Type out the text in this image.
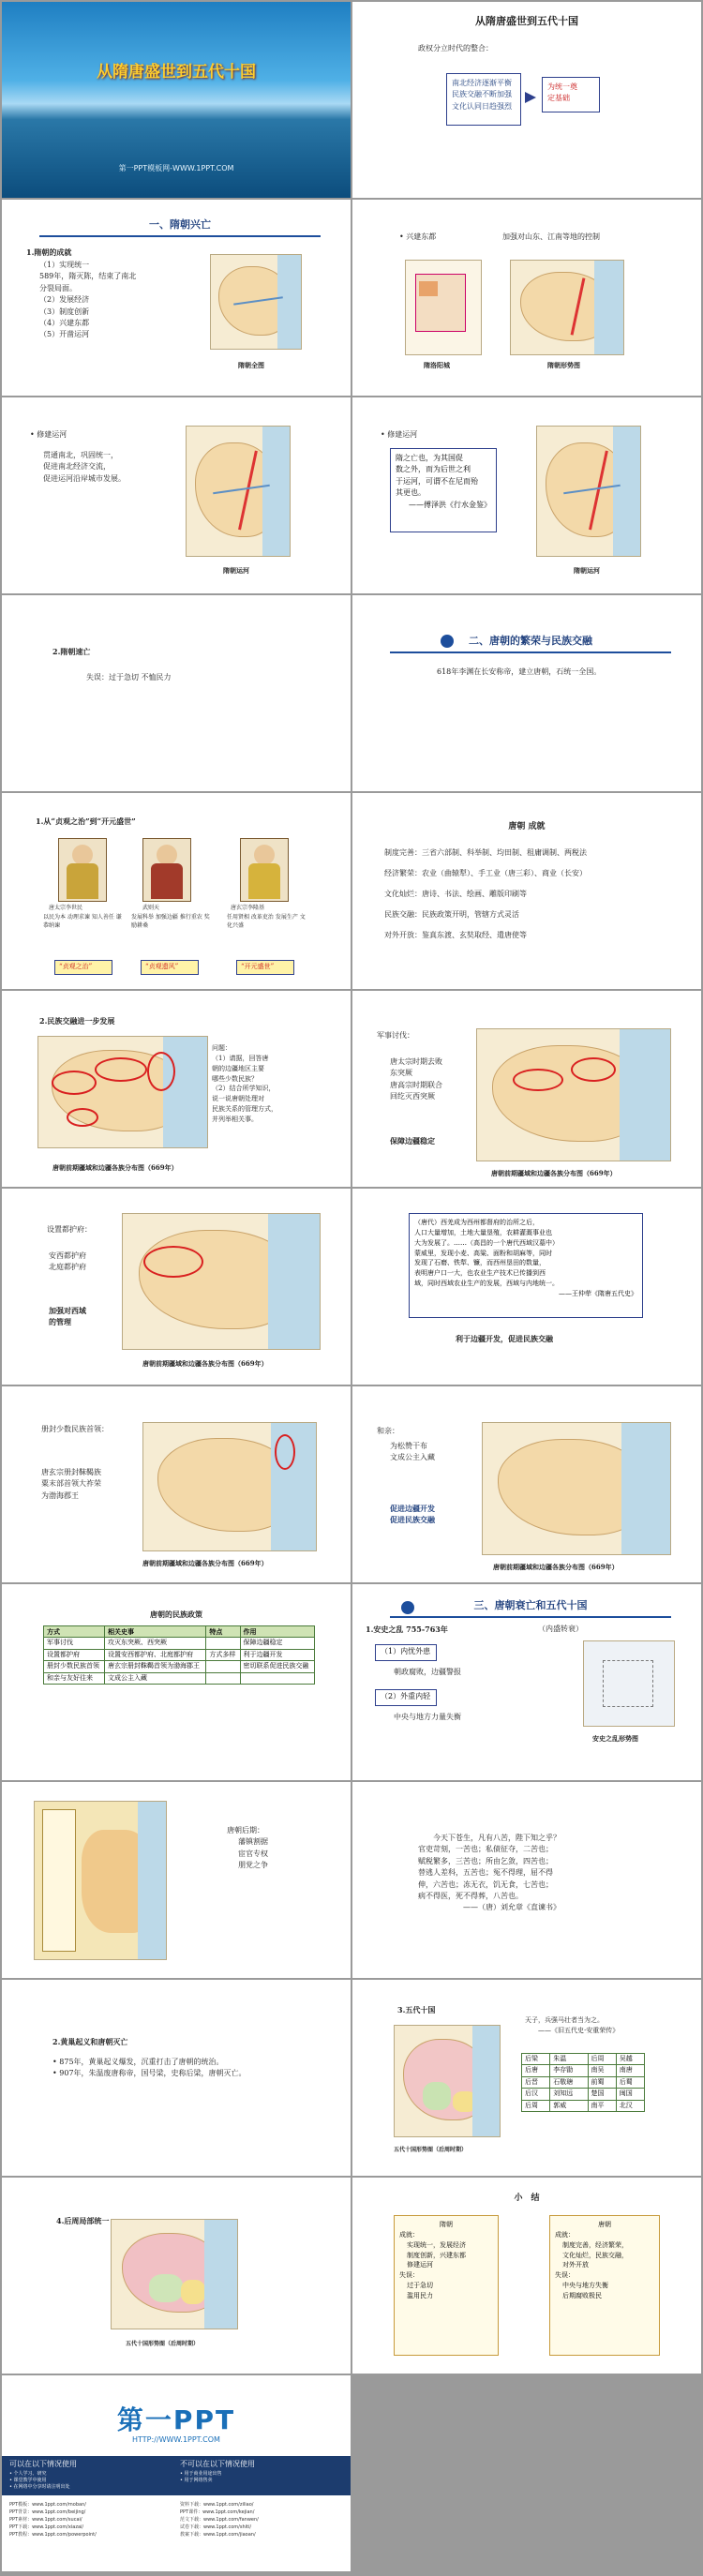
从隋唐盛世到五代十国
第一PPT模板网-WWW.1PPT.COM
从隋唐盛世到五代十国
政权分立时代的整合：
南北经济逐渐平衡
民族交融不断加强
文化认同日趋强烈
为统一奠
定基础
一、隋朝兴亡
1.隋朝的成就
（1）实现统一
589年，隋灭陈，结束了南北
分裂局面。
（2）发展经济
（3）制度创新
（4）兴建东都
（5）开凿运河
隋朝全图
• 兴建东都	加强对山东、江南等地的控制
隋洛阳城	隋朝形势图
• 修建运河
贯通南北，巩固统一，
促进南北经济交流，
促进运河沿岸城市发展。
隋朝运河
• 修建运河
隋之亡也，为其国促
数之外，而为后世之利
于运河，可谓不在尼而殆
其更也。
——傅泽洪《行水金鉴》
隋朝运河
2.隋朝速亡
失误：过于急切 不恤民力
二、唐朝的繁荣与民族交融
618年李渊在长安称帝，建立唐朝，石统一全国。
1.从“贞观之治”到“开元盛世”
唐太宗李世民
以民为本 动理求谏 知人善任 谦恭纳谏
武则天
发展科举 加强边疆 推行重农 奖励耕桑
唐玄宗李隆基
任用贤相 改革吏治 发展生产 文化兴盛
“贞观之治”	“贞观遗风”	“开元盛世”
唐朝 成就
制度完善：三省六部制、科举制、均田制、租庸调制、两税法
经济繁荣：农业（曲辕犁）、手工业（唐三彩）、商业（长安）
文化灿烂：唐诗、书法、绘画、雕版印刷等
民族交融：民族政策开明，管辖方式灵活
对外开放：鉴真东渡、玄奘取经、遣唐使等
2.民族交融进一步发展
问题：
（1）请据，回答唐
朝的边疆地区主要
哪些少数民族？
（2）结合所学知识，
说一说唐朝处理对
民族关系的管理方式，
并列举相关事。
唐朝前期疆域和边疆各族分布图（669年）
军事讨伐：
唐太宗时期去败
东突厥
唐高宗时期联合
回纥灭西突厥
保障边疆稳定
唐朝前期疆域和边疆各族分布图（669年）
设置都护府：
安西都护府
北庭都护府
加强对西域
的管理
唐朝前期疆域和边疆各族分布图（669年）
（唐代）西羌成为西州都督府的治所之后，
人口大量增加，土地大量垦殖，农耕灌溉事业也
大为发展了。……（高昌的一个唐代西域汉墓中）
蒙威里，发现小麦、高粱、面粉和胡麻等，同时
发现了石磨、铁犁、镰，而西州垦田的数量，
表明唐户口一大，也农业生产技术已传播到西
域，同时西域农业生产的发展，西域与内地统一。
——王仲荦《隋唐五代史》
利于边疆开发，促进民族交融
册封少数民族首领：
唐玄宗册封靺鞨族
粟末部首领大祚荣
为渤海郡王
唐朝前期疆域和边疆各族分布图（669年）
和亲：
为松赞干布
文成公主入藏
促进边疆开发
促进民族交融
唐朝前期疆域和边疆各族分布图（669年）
唐朝的民族政策
方式	相关史事	特点	作用
军事讨伐	攻灭东突厥、西突厥		保障边疆稳定
设置都护府	设置安西都护府、北庭都护府	方式多样	利于边疆开发
册封少数民族首领	唐玄宗册封靺鞨首领为渤海郡王		密切联系促进民族交融
和亲与友好往来	文成公主入藏		
三、唐朝衰亡和五代十国
1.安史之乱 755-763年	（内盛转衰）
（1）内忧外患
朝政腐败，边疆警报
（2）外重内轻
中央与地方力量失衡
安史之乱形势图
唐朝后期：
藩镇割据
宦官专权
朋党之争
今天下苍生，凡有八苦，陛下知之乎？
官吏苛刻，一苦也；私债征夺，二苦也；
赋税繁多，三苦也；所由乞敛，四苦也；
替逃人差科，五苦也；冤不得理，屈不得
伸，六苦也；冻无衣，饥无食，七苦也；
病不得医，死不得葬，八苦也。
——（唐）刘允章《直谏书》
2.黄巢起义和唐朝灭亡
• 875年，黄巢起义爆发，沉重打击了唐朝的统治。
• 907年，朱温废唐称帝，国号梁，史称后梁，唐朝灭亡。
3.五代十国
五代十国形势图（后周时期）
天子，兵强马壮者当为之。
——《旧五代史·安重荣传》
后梁	朱温	后周	吴越
后唐	李存勖	南吴	南唐
后晋	石敬瑭	前蜀	后蜀
后汉	刘知远	楚国	闽国
后周	郭威	南平	北汉
4.后周局部统一
五代十国形势图（后周时期）
小　结
隋朝
成就：
实现统一，发展经济
制度创新，兴建东都
修建运河
失误：
过于急切
滥用民力
唐朝
成就：
制度完善，经济繁荣，
文化灿烂，民族交融，
对外开放
失误：
中央与地方失衡
后期腐败极民
第一PPT
HTTP://WWW.1PPT.COM
可以在以下情况使用
• 个人学习、研究
• 课堂教学中使用
• 在网络中分享时请注明出处
不可以在以下情况使用
• 用于商业用途出售
• 用于网络售卖
PPT模板：www.1ppt.com/moban/
PPT背景：www.1ppt.com/beijing/
PPT素材：www.1ppt.com/sucai/
PPT下载：www.1ppt.com/xiazai/
PPT教程：www.1ppt.com/powerpoint/
资料下载：www.1ppt.com/ziliao/
PPT课件：www.1ppt.com/kejian/
范文下载：www.1ppt.com/fanwen/
试卷下载：www.1ppt.com/shiti/
教案下载：www.1ppt.com/jiaoan/
